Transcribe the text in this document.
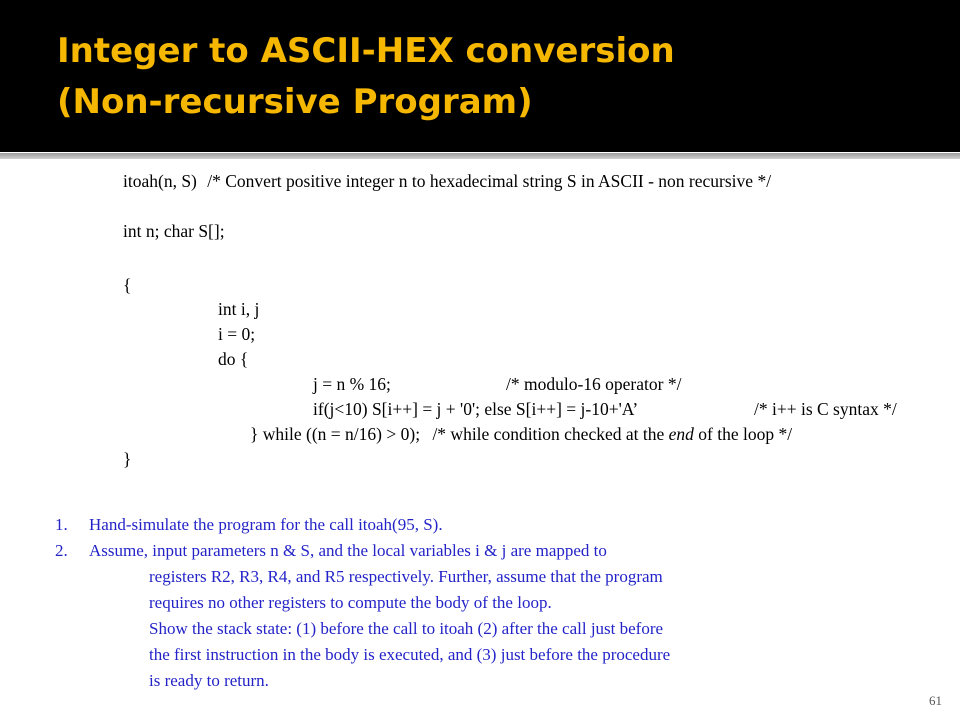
Integer to ASCII-HEX conversion
(Non-recursive Program)
itoah(n, S) /* Convert positive integer n to hexadecimal string S in ASCII - non recursive */
int n; char S[];
{
int i, j
i = 0;
do {
j = n % 16;	/* modulo-16 operator */
if(j<10) S[i++] = j + '0'; else S[i++] = j-10+'A’	/* i++ is C syntax */
} while ((n = n/16) > 0); /* while condition checked at the end of the loop */
}
1. Hand-simulate the program for the call itoah(95, S).
2. Assume, input parameters n & S, and the local variables i & j are mapped to
registers R2, R3, R4, and R5 respectively. Further, assume that the program
requires no other registers to compute the body of the loop.
Show the stack state: (1) before the call to itoah (2) after the call just before
the first instruction in the body is executed, and (3) just before the procedure
is ready to return.
61
